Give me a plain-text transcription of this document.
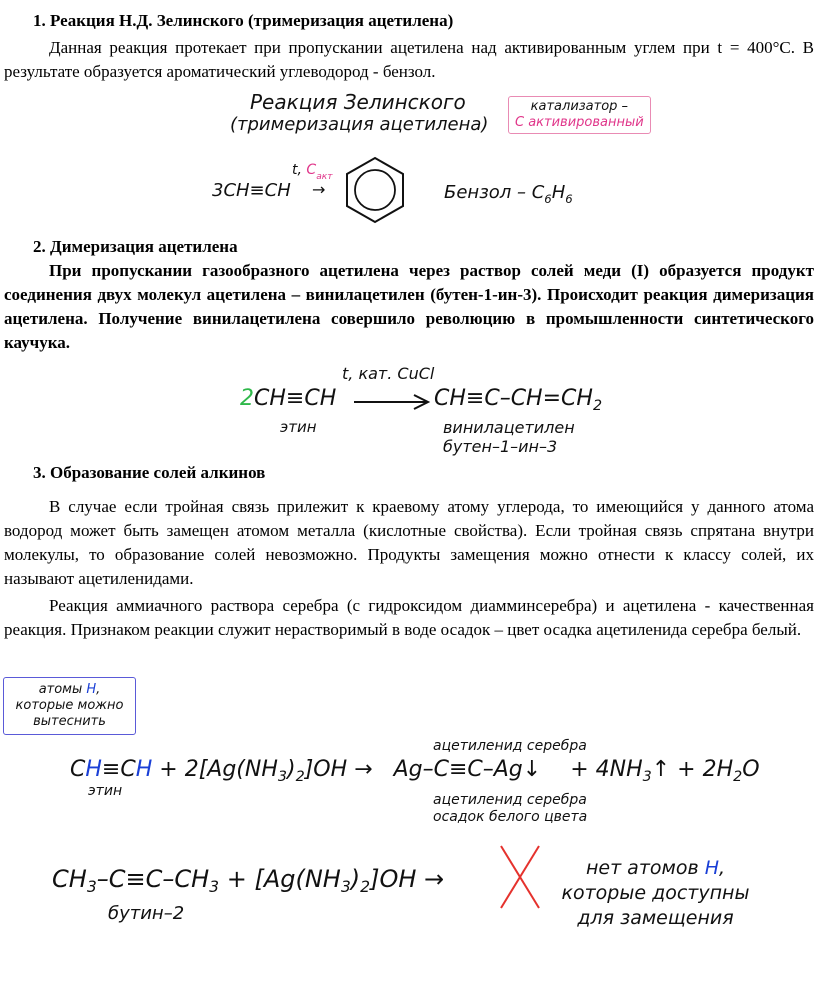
1. Реакция Н.Д. Зелинского (тримеризация ацетилена)
Данная реакция протекает при пропускании ацетилена над активированным углем при t = 400°C. В результате образуется ароматический углеводород - бензол.
Реакция Зелинского
(тримеризация ацетилена)
катализатор –
С активированный
t, $C_{акт}$
3CH≡CH →	Бензол – $C_6H_6$
2. Димеризация ацетилена
При пропускании газообразного ацетилена через раствор солей меди (I) образуется продукт соединения двух молекул ацетилена – винилацетилен (бутен-1-ин-3). Происходит реакция димеризация ацетилена. Получение винилацетилена совершило революцию в промышленности синтетического каучука.
t, кат. CuCl
2CH≡CH	$CH\equiv C-CH=CH_2$
этин	винилацетилен
бутен–1–ин–3
3. Образование солей алкинов
В случае если тройная связь прилежит к краевому атому углерода, то имеющийся у данного атома водород может быть замещен атомом металла (кислотные свойства). Если тройная связь спрятана внутри молекулы, то образование солей невозможно. Продукты замещения можно отнести к классу солей, их называют ацетиленидами.
Реакция аммиачного раствора серебра (с гидроксидом диамминсеребра) и ацетилена - качественная реакция. Признаком реакции служит нерастворимый в воде осадок – цвет осадка ацетиленида серебра белый.
атомы H,
которые можно
вытеснить
ацетиленид серебра
$CH\equiv CH + 2[Ag(NH_3)_2]OH$ → Ag–C≡C–Ag↓ + $4NH_3↑ + 2H_2O$
этин
ацетиленид серебра
осадок белого цвета
$CH_3-C\equiv C-CH_3 + [Ag(NH_3)_2]OH$ →
бутин–2
нет атомов H,
которые доступны
для замещения
